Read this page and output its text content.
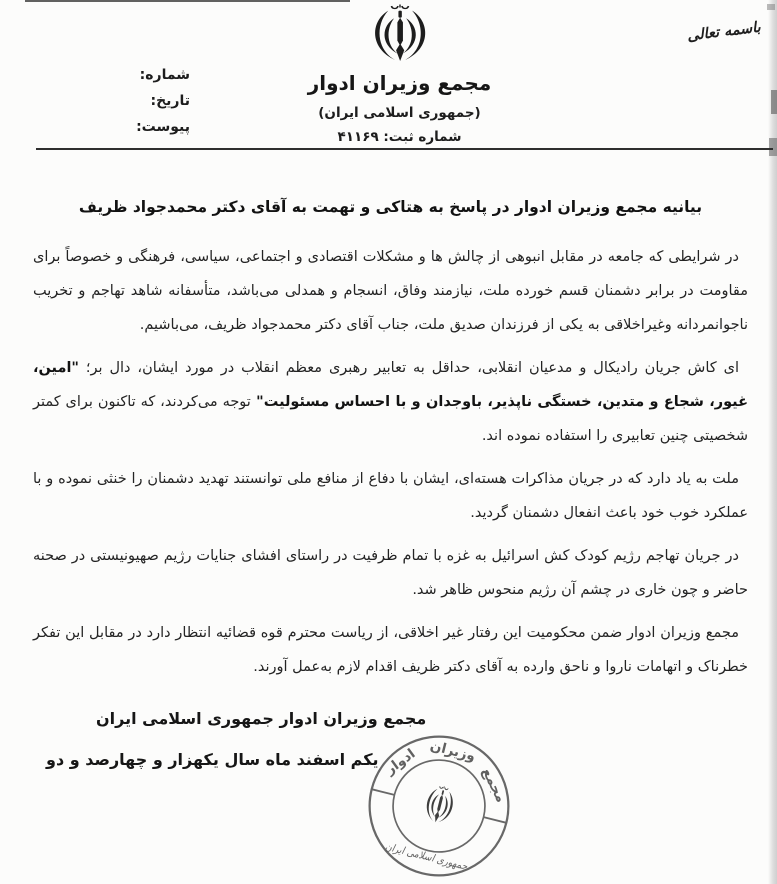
باسمه تعالی
مجمع وزیران ادوار
(جمهوری اسلامی ایران)
شماره ثبت: ۴۱۱۶۹
شماره:
تاریخ:
پیوست:
بیانیه مجمع وزیران ادوار در پاسخ به هتاکی و تهمت به آقای دکتر محمدجواد ظریف

در شرایطی که جامعه در مقابل انبوهی از چالش ها و مشکلات اقتصادی و اجتماعی، سیاسی، فرهنگی و خصوصاً برای مقاومت در برابر دشمنان قسم خورده ملت، نیازمند وفاق، انسجام و همدلی می‌باشد، متأسفانه شاهد تهاجم و تخریب ناجوانمردانه وغیراخلاقی به یکی از فرزندان صدیق ملت، جناب آقای دکتر محمدجواد ظریف، می‌باشیم.

ای کاش جریان رادیکال و مدعیان انقلابی، حداقل به تعابیر رهبری معظم انقلاب در مورد ایشان، دال بر؛ "امین، غیور، شجاع و متدین، خستگی ناپذیر، باوجدان و با احساس مسئولیت" توجه می‌کردند، که تاکنون برای کمتر شخصیتی چنین تعابیری را استفاده نموده اند.

ملت به یاد دارد که در جریان مذاکرات هسته‌ای، ایشان با دفاع از منافع ملی توانستند تهدید دشمنان را خنثی نموده و با عملکرد خوب خود باعث انفعال دشمنان گردید.

در جریان تهاجم رژیم کودک کش اسرائیل به غزه با تمام ظرفیت در راستای افشای جنایات رژیم صهیونیستی در صحنه حاضر و چون خاری در چشم آن رژیم منحوس ظاهر شد.

مجمع وزیران ادوار ضمن محکومیت این رفتار غیر اخلاقی، از ریاست محترم قوه قضائیه انتظار دارد در مقابل این تفکر خطرناک و اتهامات ناروا و ناحق وارده به آقای دکتر ظریف اقدام لازم به‌عمل آورند.

مجمع وزیران ادوار جمهوری اسلامی ایران
یکم اسفند ماه سال یکهزار و چهارصد و دو
مجمع
وزیران
ادوار
جمهوری اسلامی ایران
